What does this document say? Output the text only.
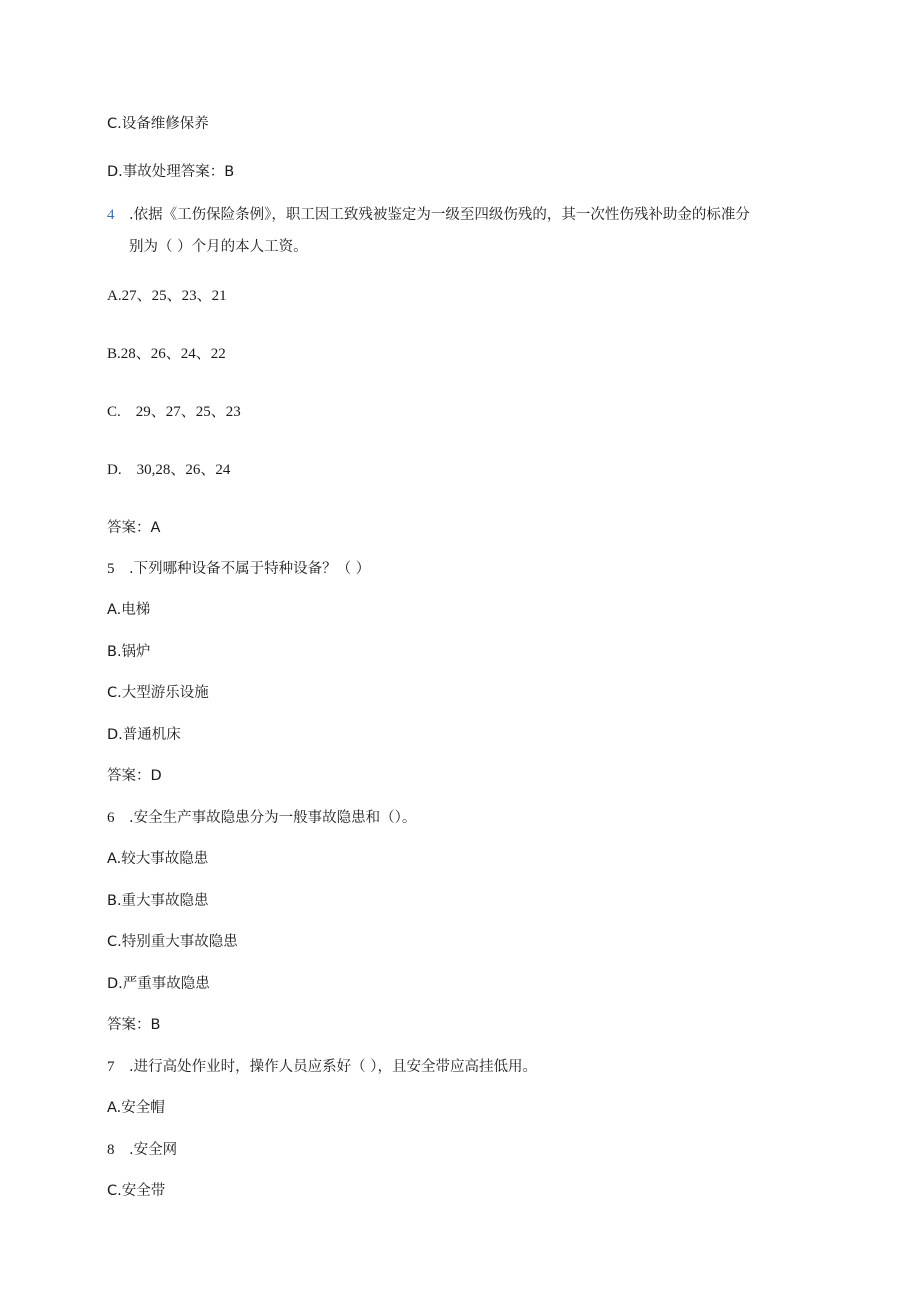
C.设备维修保养
D.事故处理答案：B
4 .依据《工伤保险条例》，职工因工致残被鉴定为一级至四级伤残的，其一次性伤残补助金的标准分
别为（ ）个月的本人工资。
A.27、25、23、21
B.28、26、24、22
C.    29、27、25、23
D.    30,28、26、24
答案：A
5 .下列哪种设备不属于特种设备？（ ）
A.电梯
B.锅炉
C.大型游乐设施
D.普通机床
答案：D
6 .安全生产事故隐患分为一般事故隐患和（）。
A.较大事故隐患
B.重大事故隐患
C.特别重大事故隐患
D.严重事故隐患
答案：B
7 .进行高处作业时，操作人员应系好（ ），且安全带应高挂低用。
A.安全帽
8 .安全网
C.安全带
